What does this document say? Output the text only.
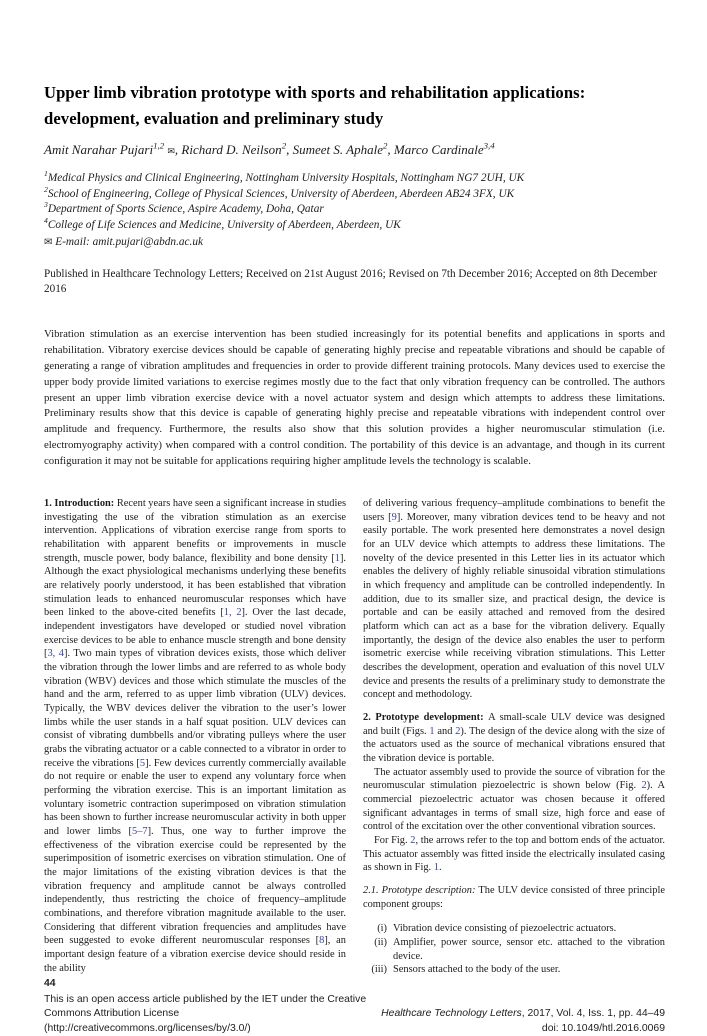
Upper limb vibration prototype with sports and rehabilitation applications: development, evaluation and preliminary study
Amit Narahar Pujari$^{1,2}$ ✉, Richard D. Neilson$^2$, Sumeet S. Aphale$^2$, Marco Cardinale$^{3,4}$
$^1$Medical Physics and Clinical Engineering, Nottingham University Hospitals, Nottingham NG7 2UH, UK
$^2$School of Engineering, College of Physical Sciences, University of Aberdeen, Aberdeen AB24 3FX, UK
$^3$Department of Sports Science, Aspire Academy, Doha, Qatar
$^4$College of Life Sciences and Medicine, University of Aberdeen, Aberdeen, UK
✉ E-mail: amit.pujari@abdn.ac.uk
Published in Healthcare Technology Letters; Received on 21st August 2016; Revised on 7th December 2016; Accepted on 8th December 2016
Vibration stimulation as an exercise intervention has been studied increasingly for its potential benefits and applications in sports and rehabilitation. Vibratory exercise devices should be capable of generating highly precise and repeatable vibrations and should be capable of generating a range of vibration amplitudes and frequencies in order to provide different training protocols. Many devices used to exercise the upper body provide limited variations to exercise regimes mostly due to the fact that only vibration frequency can be controlled. The authors present an upper limb vibration exercise device with a novel actuator system and design which attempts to address these limitations. Preliminary results show that this device is capable of generating highly precise and repeatable vibrations with independent control over amplitude and frequency. Furthermore, the results also show that this solution provides a higher neuromuscular stimulation (i.e. electromyography activity) when compared with a control condition. The portability of this device is an advantage, and though in its current configuration it may not be suitable for applications requiring higher amplitude levels the technology is scalable.

1. Introduction: Recent years have seen a significant increase in studies investigating the use of the vibration stimulation as an exercise intervention. Applications of vibration exercise range from sports to rehabilitation with apparent benefits or improvements in muscle strength, muscle power, body balance, flexibility and bone density [1]. Although the exact physiological mechanisms underlying these benefits are relatively poorly understood, it has been established that vibration stimulation leads to enhanced neuromuscular responses which have been linked to the above-cited benefits [1, 2]. Over the last decade, independent investigators have developed or studied novel vibration exercise devices to be able to enhance muscle strength and bone density [3, 4]. Two main types of vibration devices exists, those which deliver the vibration through the lower limbs and are referred to as whole body vibration (WBV) devices and those which stimulate the muscles of the hand and the arm, referred to as upper limb vibration (ULV) devices. Typically, the WBV devices deliver the vibration to the user’s lower limbs while the user stands in a half squat position. ULV devices can consist of vibrating dumbbells and/or vibrating pulleys where the user grabs the vibrating actuator or a cable connected to a vibrator in order to receive the vibrations [5]. Few devices currently commercially available do not require or enable the user to expend any voluntary force when performing the vibration exercise. This is an important limitation as voluntary isometric contraction superimposed on vibration stimulation has been shown to further increase neuromuscular activity in both upper and lower limbs [5–7]. Thus, one way to further improve the effectiveness of the vibration exercise could be represented by the superimposition of isometric exercises on vibration stimulation. One of the major limitations of the existing vibration devices is that the vibration frequency and amplitude cannot be always controlled independently, thus restricting the choice of frequency–amplitude combinations, and therefore vibration magnitude available to the user. Considering that different vibration frequencies and amplitudes have been suggested to evoke different neuromuscular responses [8], an important design feature of a vibration exercise device should reside in the ability

of delivering various frequency–amplitude combinations to benefit the users [9]. Moreover, many vibration devices tend to be heavy and not easily portable. The work presented here demonstrates a novel design for an ULV device which attempts to address these limitations. The novelty of the device presented in this Letter lies in its actuator which enables the delivery of highly reliable sinusoidal vibration stimulations in which frequency and amplitude can be controlled independently. In addition, due to its smaller size, and practical design, the device is portable and can be easily attached and removed from the desired platform which can act as a base for the vibration delivery. Equally importantly, the design of the device also enables the user to perform isometric exercise while receiving vibration stimulations. This Letter describes the development, operation and evaluation of this novel ULV device and presents the results of a preliminary study to demonstrate the concept and methodology.

2. Prototype development: A small-scale ULV device was designed and built (Figs. 1 and 2). The design of the device along with the size of the actuators used as the source of mechanical vibrations ensured that the vibration device is portable.

The actuator assembly used to provide the source of vibration for the neuromuscular stimulation piezoelectric is shown below (Fig. 2). A commercial piezoelectric actuator was chosen because it offered significant advantages in terms of small size, high force and ease of control of the excitation over the other conventional vibration sources.

For Fig. 2, the arrows refer to the top and bottom ends of the actuator. This actuator assembly was fitted inside the electrically insulated casing as shown in Fig. 1.

2.1. Prototype description: The ULV device consisted of three principle component groups:

(i) Vibration device consisting of piezoelectric actuators.
(ii) Amplifier, power source, sensor etc. attached to the vibration device.
(iii) Sensors attached to the body of the user.
44
This is an open access article published by the IET under the Creative Commons Attribution License (http://creativecommons.org/licenses/by/3.0/)
Healthcare Technology Letters, 2017, Vol. 4, Iss. 1, pp. 44–49
doi: 10.1049/htl.2016.0069
